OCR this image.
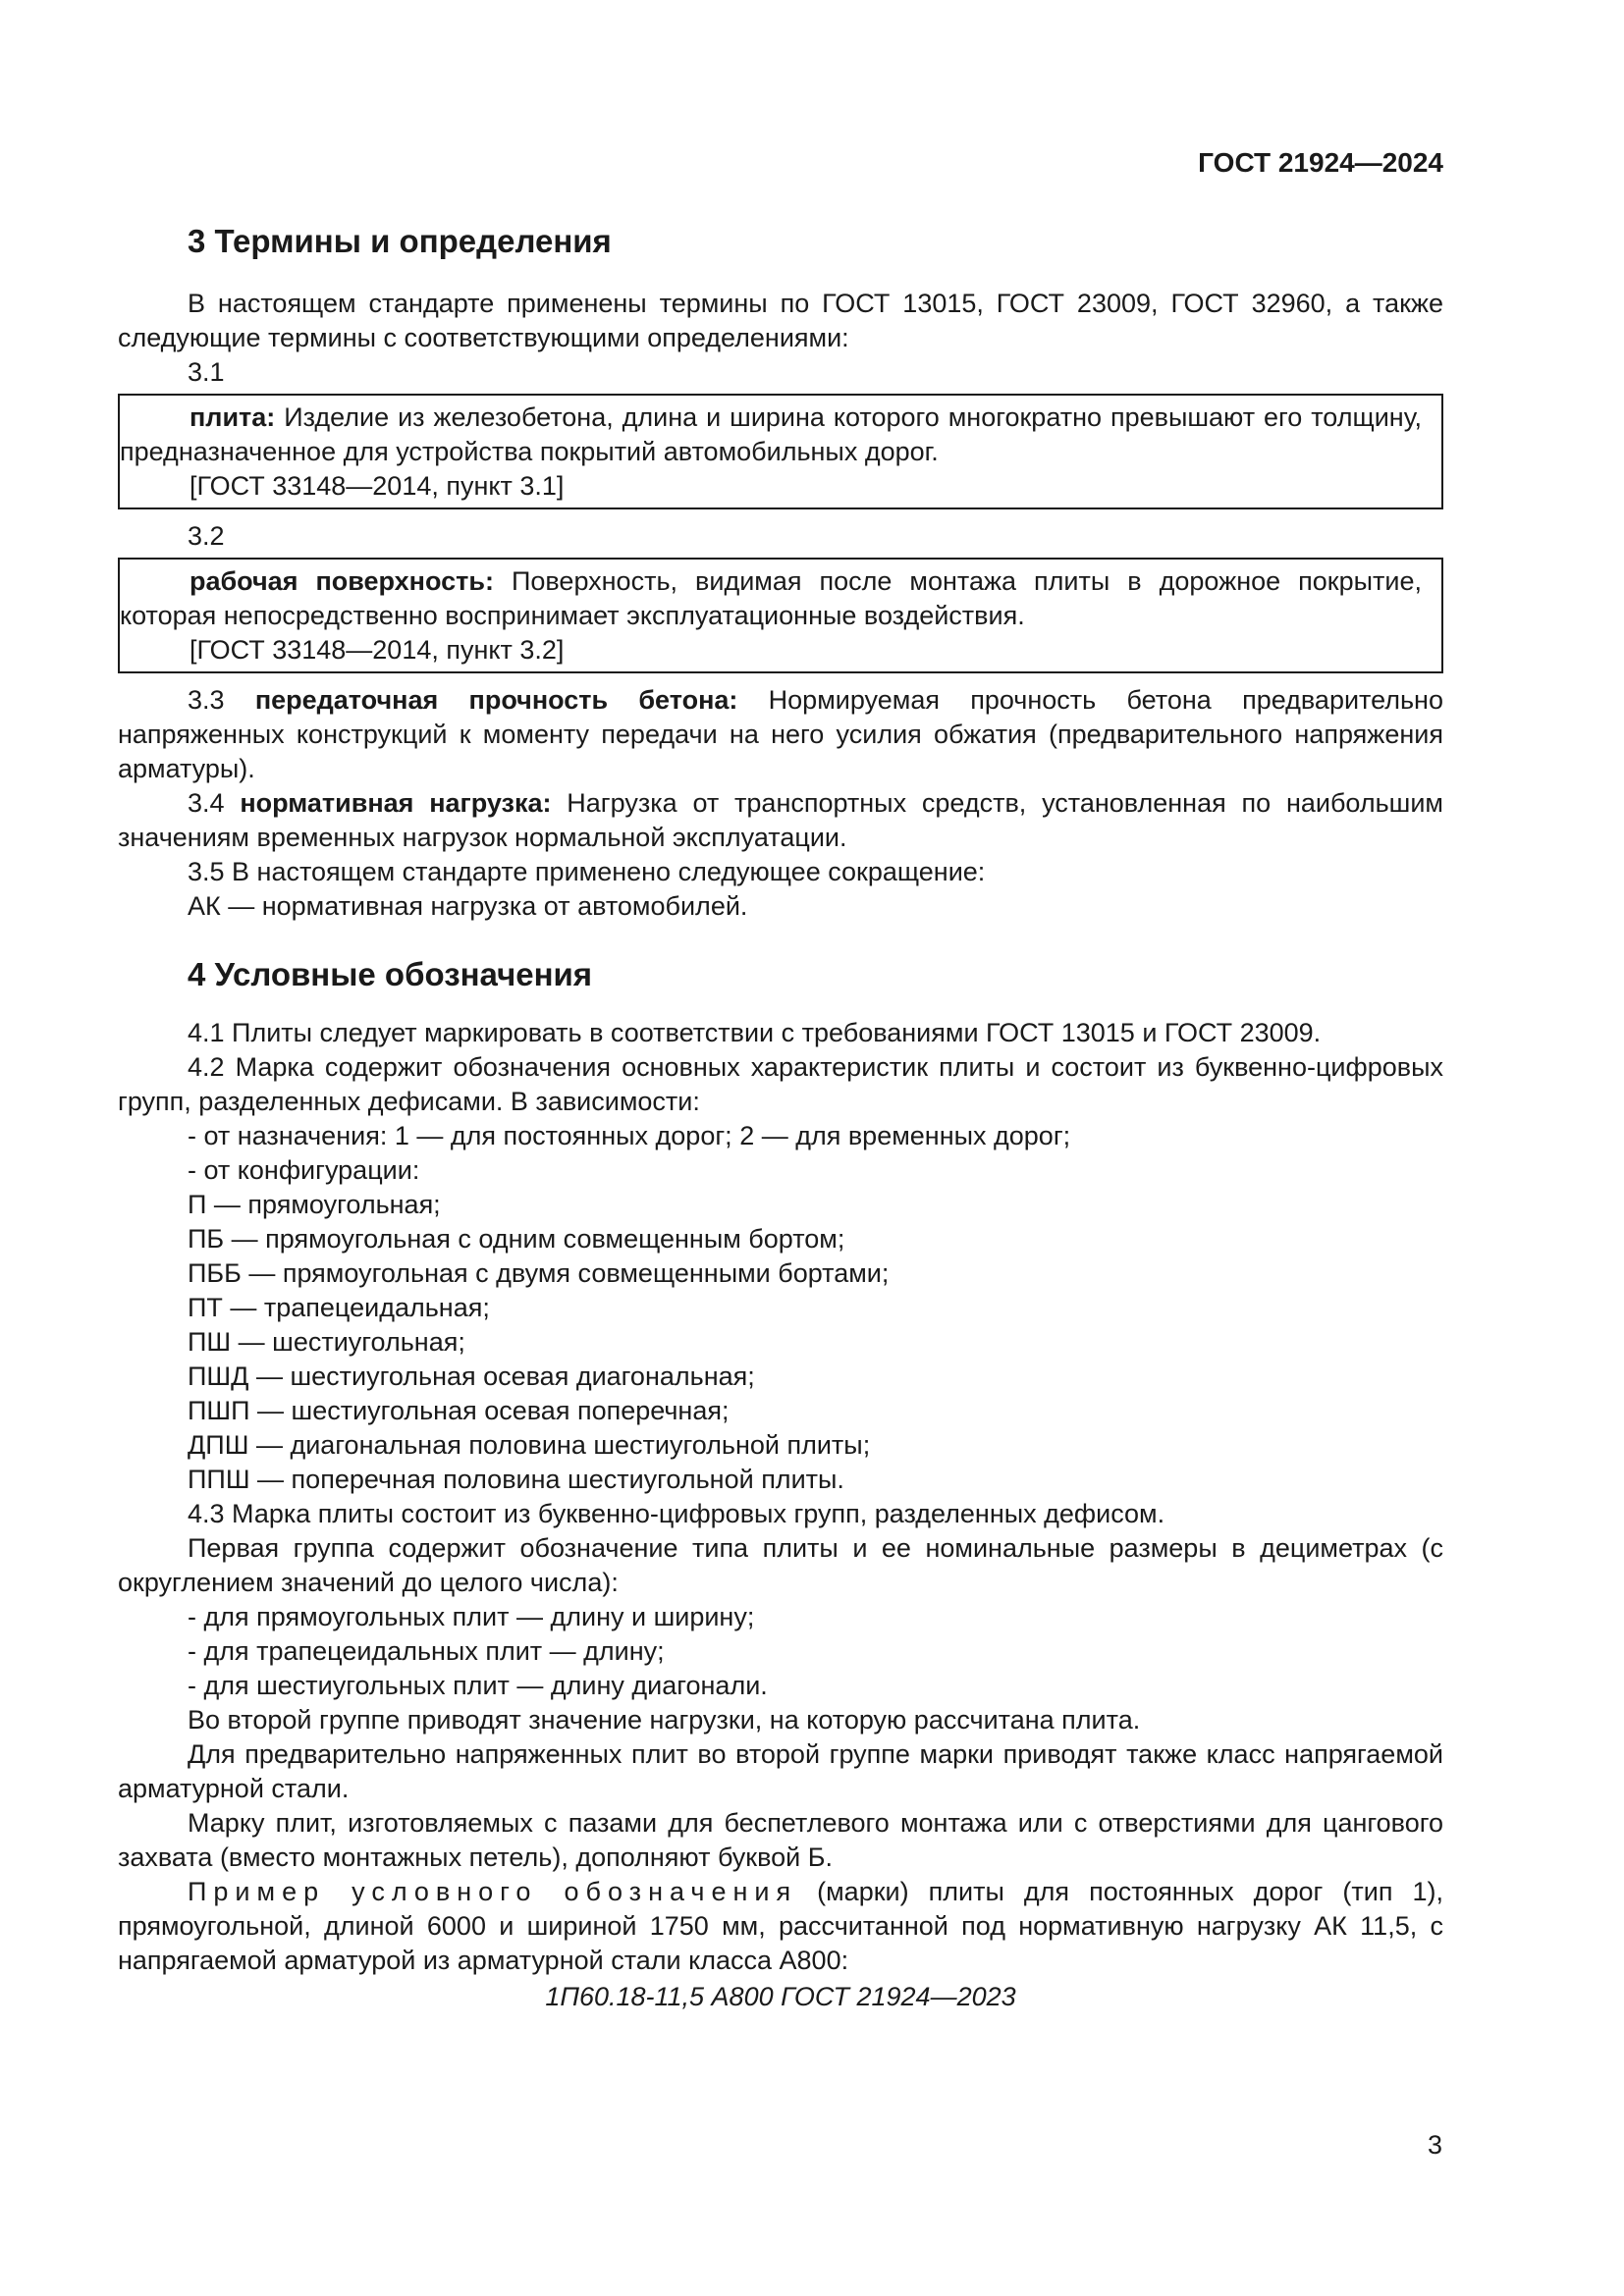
ГОСТ 21924—2024

3 Термины и определения

В настоящем стандарте применены термины по ГОСТ 13015, ГОСТ 23009, ГОСТ 32960, а также следующие термины с соответствующими определениями:

3.1

плита: Изделие из железобетона, длина и ширина которого многократно превышают его толщину, предназначенное для устройства покрытий автомобильных дорог.

[ГОСТ 33148—2014, пункт 3.1]

3.2

рабочая поверхность: Поверхность, видимая после монтажа плиты в дорожное покрытие, которая непосредственно воспринимает эксплуатационные воздействия.

[ГОСТ 33148—2014, пункт 3.2]

3.3 передаточная прочность бетона: Нормируемая прочность бетона предварительно напряженных конструкций к моменту передачи на него усилия обжатия (предварительного напряжения арматуры).

3.4 нормативная нагрузка: Нагрузка от транспортных средств, установленная по наибольшим значениям временных нагрузок нормальной эксплуатации.

3.5 В настоящем стандарте применено следующее сокращение:

АК — нормативная нагрузка от автомобилей.

4 Условные обозначения

4.1 Плиты следует маркировать в соответствии с требованиями ГОСТ 13015 и ГОСТ 23009.

4.2 Марка содержит обозначения основных характеристик плиты и состоит из буквенно-цифровых групп, разделенных дефисами. В зависимости:

- от назначения: 1 — для постоянных дорог; 2 — для временных дорог;

- от конфигурации:

П — прямоугольная;

ПБ — прямоугольная с одним совмещенным бортом;

ПББ — прямоугольная с двумя совмещенными бортами;

ПТ — трапецеидальная;

ПШ — шестиугольная;

ПШД — шестиугольная осевая диагональная;

ПШП — шестиугольная осевая поперечная;

ДПШ — диагональная половина шестиугольной плиты;

ППШ — поперечная половина шестиугольной плиты.

4.3 Марка плиты состоит из буквенно-цифровых групп, разделенных дефисом.

Первая группа содержит обозначение типа плиты и ее номинальные размеры в дециметрах (с округлением значений до целого числа):

- для прямоугольных плит — длину и ширину;

- для трапецеидальных плит — длину;

- для шестиугольных плит — длину диагонали.

Во второй группе приводят значение нагрузки, на которую рассчитана плита.

Для предварительно напряженных плит во второй группе марки приводят также класс напрягаемой арматурной стали.

Марку плит, изготовляемых с пазами для беспетлевого монтажа или с отверстиями для цангового захвата (вместо монтажных петель), дополняют буквой Б.

Пример условного обозначения (марки) плиты для постоянных дорог (тип 1), прямоугольной, длиной 6000 и шириной 1750 мм, рассчитанной под нормативную нагрузку АК 11,5, с напрягаемой арматурой из арматурной стали класса А800:

1П60.18-11,5 А800 ГОСТ 21924—2023

3
